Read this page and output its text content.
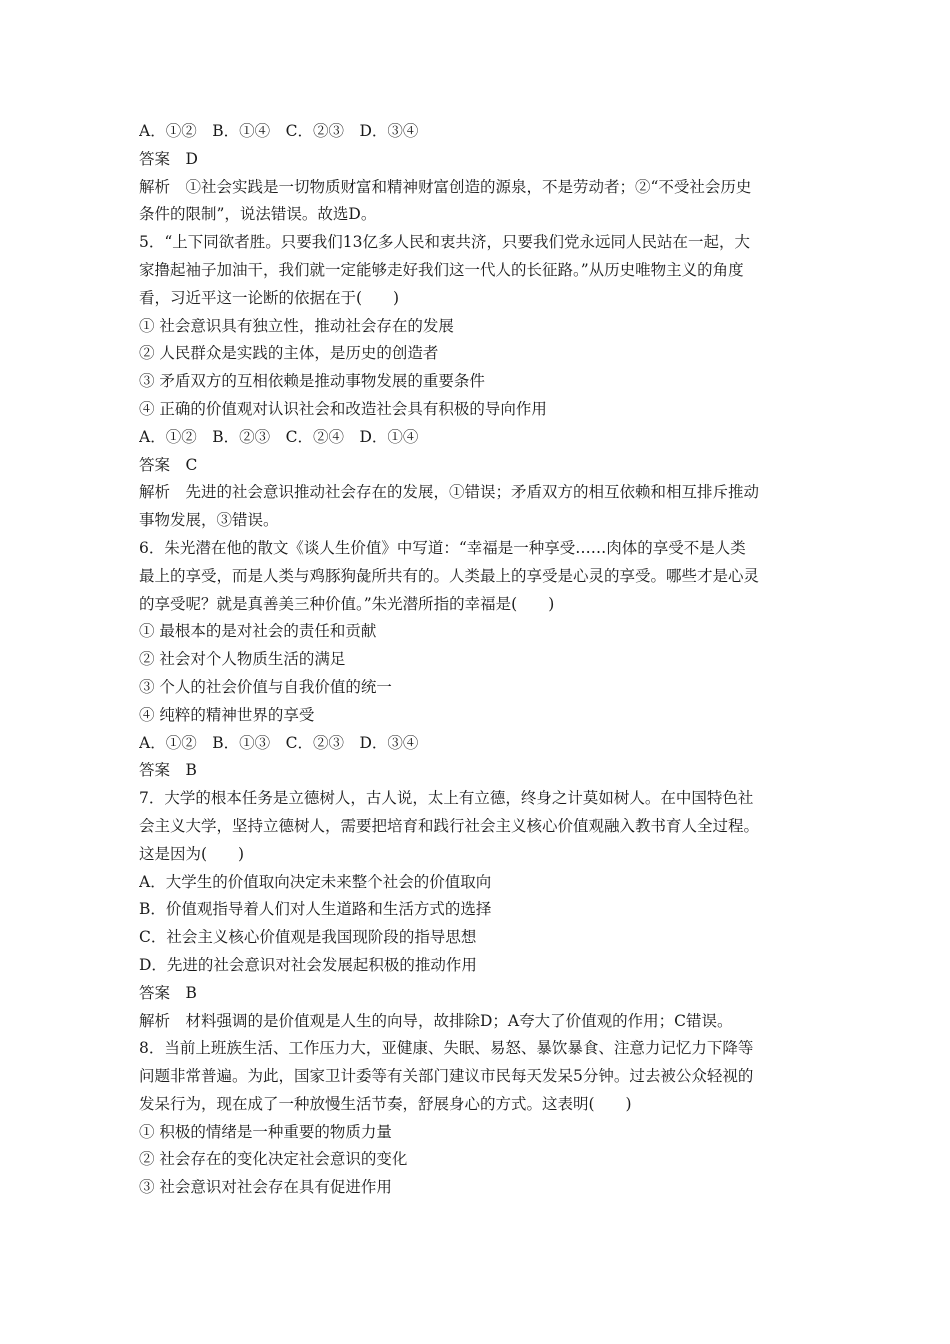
A．①②　B．①④　C．②③　D．③④
答案　D
解析　①社会实践是一切物质财富和精神财富创造的源泉，不是劳动者；②“不受社会历史
条件的限制”，说法错误。故选D。
5．“上下同欲者胜。只要我们13亿多人民和衷共济，只要我们党永远同人民站在一起，大
家撸起袖子加油干，我们就一定能够走好我们这一代人的长征路。”从历史唯物主义的角度
看，习近平这一论断的依据在于(　　)
① 社会意识具有独立性，推动社会存在的发展
② 人民群众是实践的主体，是历史的创造者
③ 矛盾双方的互相依赖是推动事物发展的重要条件
④ 正确的价值观对认识社会和改造社会具有积极的导向作用
A．①②　B．②③　C．②④　D．①④
答案　C
解析　先进的社会意识推动社会存在的发展，①错误；矛盾双方的相互依赖和相互排斥推动
事物发展，③错误。
6．朱光潜在他的散文《谈人生价值》中写道：“幸福是一种享受……肉体的享受不是人类
最上的享受，而是人类与鸡豚狗彘所共有的。人类最上的享受是心灵的享受。哪些才是心灵
的享受呢？就是真善美三种价值。”朱光潜所指的幸福是(　　)
① 最根本的是对社会的责任和贡献
② 社会对个人物质生活的满足
③ 个人的社会价值与自我价值的统一
④ 纯粹的精神世界的享受
A．①②　B．①③　C．②③　D．③④
答案　B
7．大学的根本任务是立德树人，古人说，太上有立德，终身之计莫如树人。在中国特色社
会主义大学，坚持立德树人，需要把培育和践行社会主义核心价值观融入教书育人全过程。
这是因为(　　)
A．大学生的价值取向决定未来整个社会的价值取向
B．价值观指导着人们对人生道路和生活方式的选择
C．社会主义核心价值观是我国现阶段的指导思想
D．先进的社会意识对社会发展起积极的推动作用
答案　B
解析　材料强调的是价值观是人生的向导，故排除D；A夸大了价值观的作用；C错误。
8．当前上班族生活、工作压力大，亚健康、失眠、易怒、暴饮暴食、注意力记忆力下降等
问题非常普遍。为此，国家卫计委等有关部门建议市民每天发呆5分钟。过去被公众轻视的
发呆行为，现在成了一种放慢生活节奏，舒展身心的方式。这表明(　　)
① 积极的情绪是一种重要的物质力量
② 社会存在的变化决定社会意识的变化
③ 社会意识对社会存在具有促进作用
